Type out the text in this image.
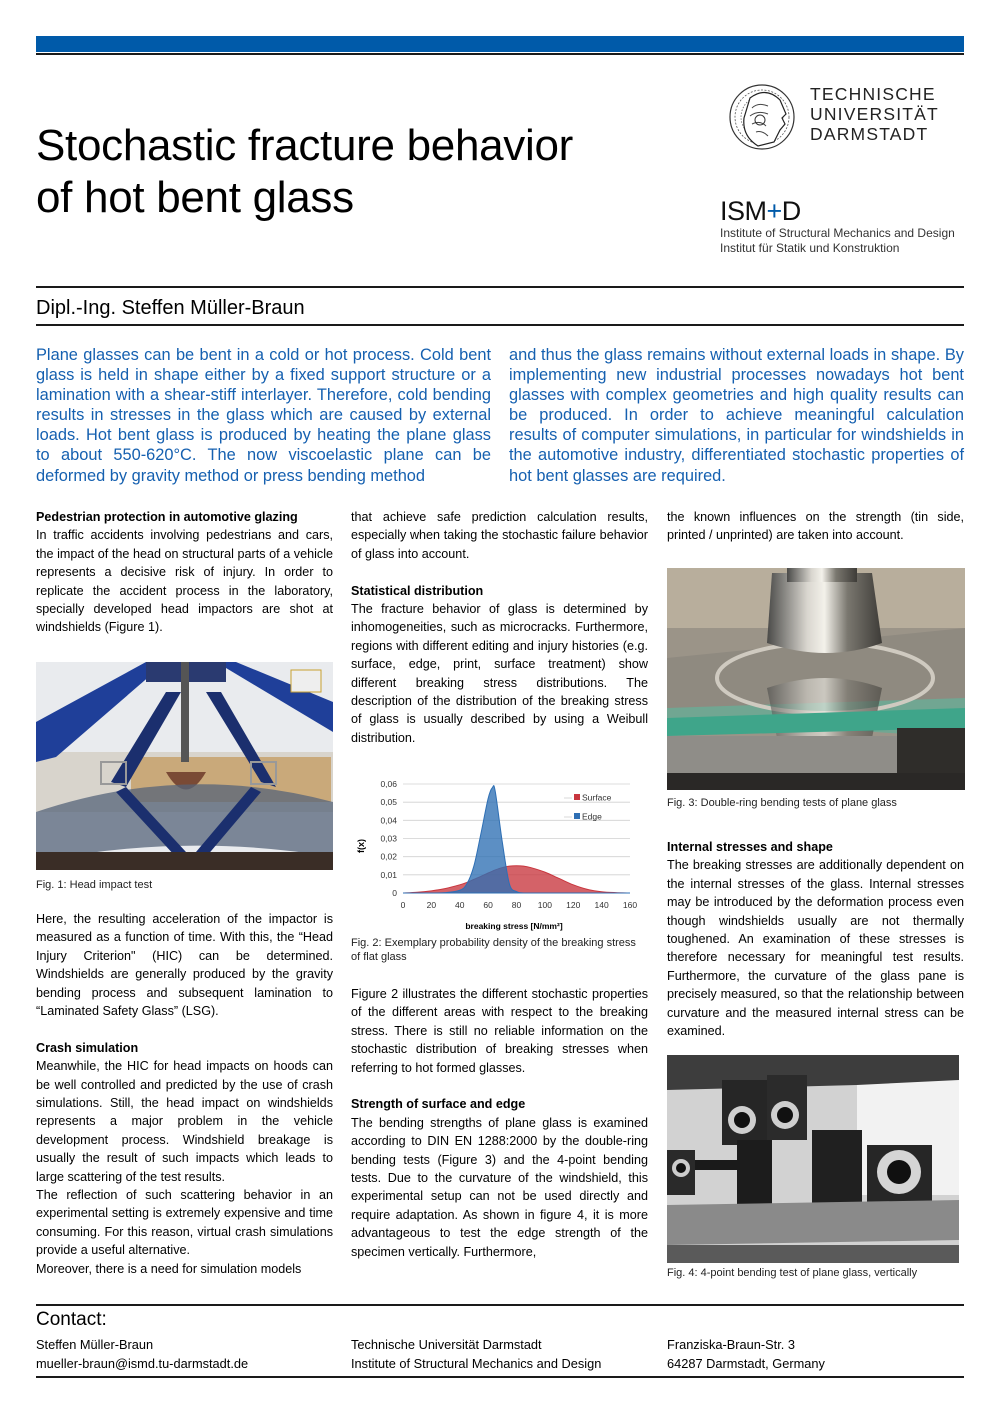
Stochastic fracture behavior
of hot bent glass
TECHNISCHE
UNIVERSITÄT
DARMSTADT
ISM+D
Institute of Structural Mechanics and Design
Institut für Statik und Konstruktion
Dipl.-Ing. Steffen Müller-Braun
Plane glasses can be bent in a cold or hot process. Cold bent glass is held in shape either by a fixed support structure or a lamination with a shear-stiff interlayer. Therefore, cold bending results in stresses in the glass which are caused by external loads. Hot bent glass is produced by heating the plane glass to about 550-620°C. The now viscoelastic plane can be deformed by gravity method or press bending method
and thus the glass remains without external loads in shape. By implementing new industrial processes nowadays hot bent glasses with complex geometries and high quality results can be produced. In order to achieve meaningful calculation results of computer simulations, in particular for windshields in the automotive industry, differentiated stochastic properties of hot bent glasses are required.
Pedestrian protection in automotive glazing

In traffic accidents involving pedestrians and cars, the impact of the head on structural parts of a vehicle represents a decisive risk of injury. In order to replicate the accident process in the laboratory, specially developed head impactors are shot at windshields (Figure 1).

Fig. 1: Head impact test

Here, the resulting acceleration of the impactor is measured as a function of time. With this, the “Head Injury Criterion" (HIC) can be determined. Windshields are generally produced by the gravity bending process and subsequent lamination to “Laminated Safety Glass” (LSG).

Crash simulation

Meanwhile, the HIC for head impacts on hoods can be well controlled and predicted by the use of crash simulations. Still, the head impact on windshields represents a major problem in the vehicle development process. Windshield breakage is usually the result of such impacts which leads to large scattering of the test results.

The reflection of such scattering behavior in an experimental setting is extremely expensive and time consuming. For this reason, virtual crash simulations provide a useful alternative.

Moreover, there is a need for simulation models

that achieve safe prediction calculation results, especially when taking the stochastic failure behavior of glass into account.

Statistical distribution

The fracture behavior of glass is determined by inhomogeneities, such as microcracks. Furthermore, regions with different editing and injury histories (e.g. surface, edge, print, surface treatment) show different breaking stress distributions. The description of the distribution of the breaking stress of glass is usually described by using a Weibull distribution.

0
0,01
0,02
0,03
0,04
0,05
0,06
0	20 40 60 80 100 120 140 160
f(x)
breaking stress [N/mm²]
Surface
Edge
Fig. 2: Exemplary probability density of the breaking stress of flat glass

Figure 2 illustrates the different stochastic properties of the different areas with respect to the breaking stress. There is still no reliable information on the stochastic distribution of breaking stresses when referring to hot formed glasses.

Strength of surface and edge

The bending strengths of plane glass is examined according to DIN EN 1288:2000 by the double-ring bending tests (Figure 3) and the 4-point bending tests. Due to the curvature of the windshield, this experimental setup can not be used directly and require adaptation. As shown in figure 4, it is more advantageous to test the edge strength of the specimen vertically. Furthermore,

the known influences on the strength (tin side, printed / unprinted) are taken into account.

Fig. 3: Double-ring bending tests of plane glass
Internal stresses and shape

The breaking stresses are additionally dependent on the internal stresses of the glass. Internal stresses may be introduced by the deformation process even though windshields usually are not thermally toughened. An examination of these stresses is therefore necessary for meaningful test results. Furthermore, the curvature of the glass pane is precisely measured, so that the relationship between curvature and the measured internal stress can be examined.

Fig. 4: 4-point bending test of plane glass, vertically
Contact:
Steffen Müller-Braun
mueller-braun@ismd.tu-darmstadt.de
Technische Universität Darmstadt
Institute of Structural Mechanics and Design
Franziska-Braun-Str. 3
64287 Darmstadt, Germany
